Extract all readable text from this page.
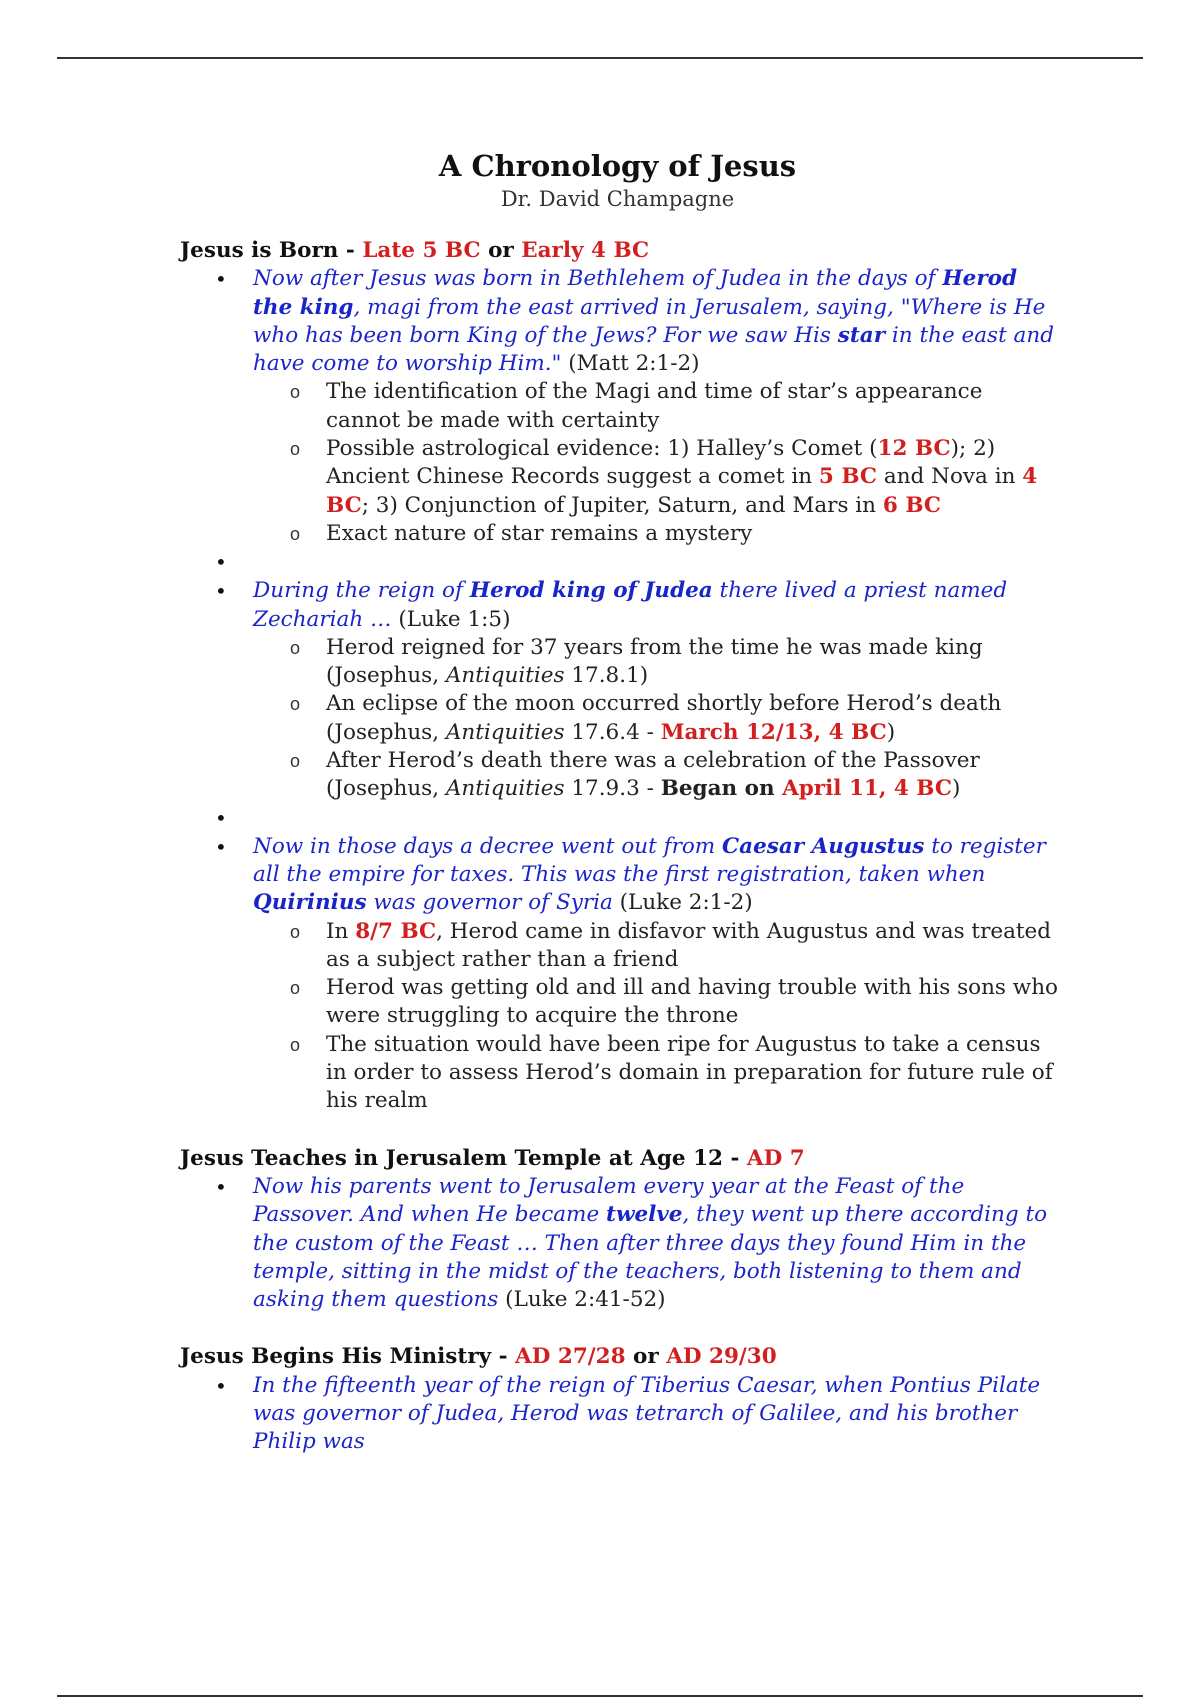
A Chronology of Jesus
Dr. David Champagne
Jesus is Born - Late 5 BC or Early 4 BC
• Now after Jesus was born in Bethlehem of Judea in the days of Herod the king, magi from the east arrived in Jerusalem, saying, "Where is He who has been born King of the Jews? For we saw His star in the east and have come to worship Him." (Matt 2:1-2)
o The identification of the Magi and time of star’s appearance cannot be made with certainty
o Possible astrological evidence: 1) Halley’s Comet (12 BC); 2) Ancient Chinese Records suggest a comet in 5 BC and Nova in 4 BC; 3) Conjunction of Jupiter, Saturn, and Mars in 6 BC
o Exact nature of star remains a mystery
•
• During the reign of Herod king of Judea there lived a priest named Zechariah … (Luke 1:5)
o Herod reigned for 37 years from the time he was made king (Josephus, Antiquities 17.8.1)
o An eclipse of the moon occurred shortly before Herod’s death (Josephus, Antiquities 17.6.4 - March 12/13, 4 BC)
o After Herod’s death there was a celebration of the Passover (Josephus, Antiquities 17.9.3 - Began on April 11, 4 BC)
•
• Now in those days a decree went out from Caesar Augustus to register all the empire for taxes. This was the first registration, taken when Quirinius was governor of Syria (Luke 2:1-2)
o In 8/7 BC, Herod came in disfavor with Augustus and was treated as a subject rather than a friend
o Herod was getting old and ill and having trouble with his sons who were struggling to acquire the throne
o The situation would have been ripe for Augustus to take a census in order to assess Herod’s domain in preparation for future rule of his realm
Jesus Teaches in Jerusalem Temple at Age 12 - AD 7
• Now his parents went to Jerusalem every year at the Feast of the Passover. And when He became twelve, they went up there according to the custom of the Feast … Then after three days they found Him in the temple, sitting in the midst of the teachers, both listening to them and asking them questions (Luke 2:41-52)
Jesus Begins His Ministry - AD 27/28 or AD 29/30
• In the fifteenth year of the reign of Tiberius Caesar, when Pontius Pilate was governor of Judea, Herod was tetrarch of Galilee, and his brother Philip was
